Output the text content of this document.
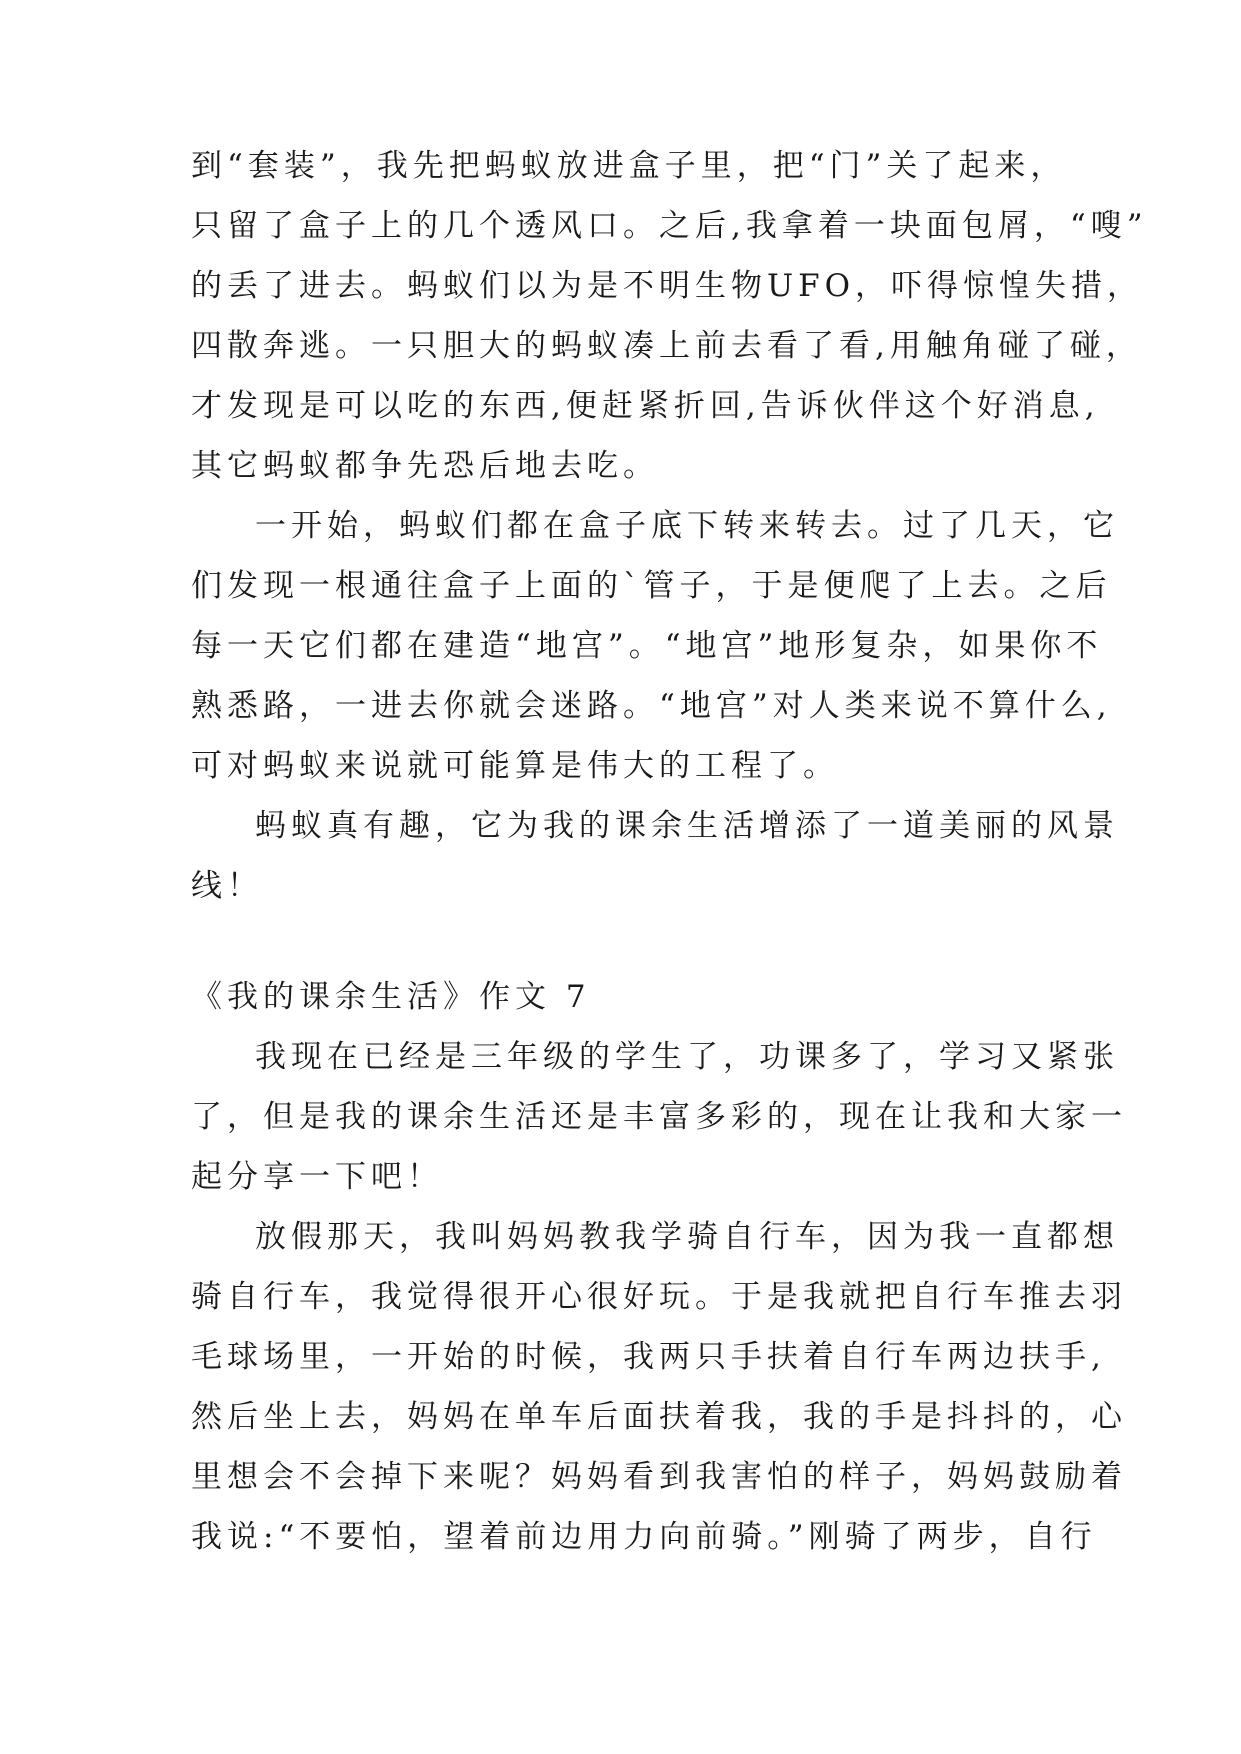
到“套装”，我先把蚂蚁放进盒子里，把“门”关了起来，
只留了盒子上的几个透风口。之后,我拿着一块面包屑，“嗖”
的丢了进去。蚂蚁们以为是不明生物UFO，吓得惊惶失措，
四散奔逃。一只胆大的蚂蚁凑上前去看了看,用触角碰了碰，
才发现是可以吃的东西,便赶紧折回,告诉伙伴这个好消息,
其它蚂蚁都争先恐后地去吃。
一开始，蚂蚁们都在盒子底下转来转去。过了几天，它
们发现一根通往盒子上面的`管子，于是便爬了上去。之后
每一天它们都在建造“地宫”。“地宫”地形复杂，如果你不
熟悉路，一进去你就会迷路。“地宫”对人类来说不算什么,
可对蚂蚁来说就可能算是伟大的工程了。
蚂蚁真有趣，它为我的课余生活增添了一道美丽的风景
线！
《我的课余生活》作文 7
我现在已经是三年级的学生了，功课多了，学习又紧张
了，但是我的课余生活还是丰富多彩的，现在让我和大家一
起分享一下吧！
放假那天，我叫妈妈教我学骑自行车，因为我一直都想
骑自行车，我觉得很开心很好玩。于是我就把自行车推去羽
毛球场里，一开始的时候，我两只手扶着自行车两边扶手,
然后坐上去，妈妈在单车后面扶着我，我的手是抖抖的，心
里想会不会掉下来呢？妈妈看到我害怕的样子，妈妈鼓励着
我说:“不要怕，望着前边用力向前骑。”刚骑了两步，自行
